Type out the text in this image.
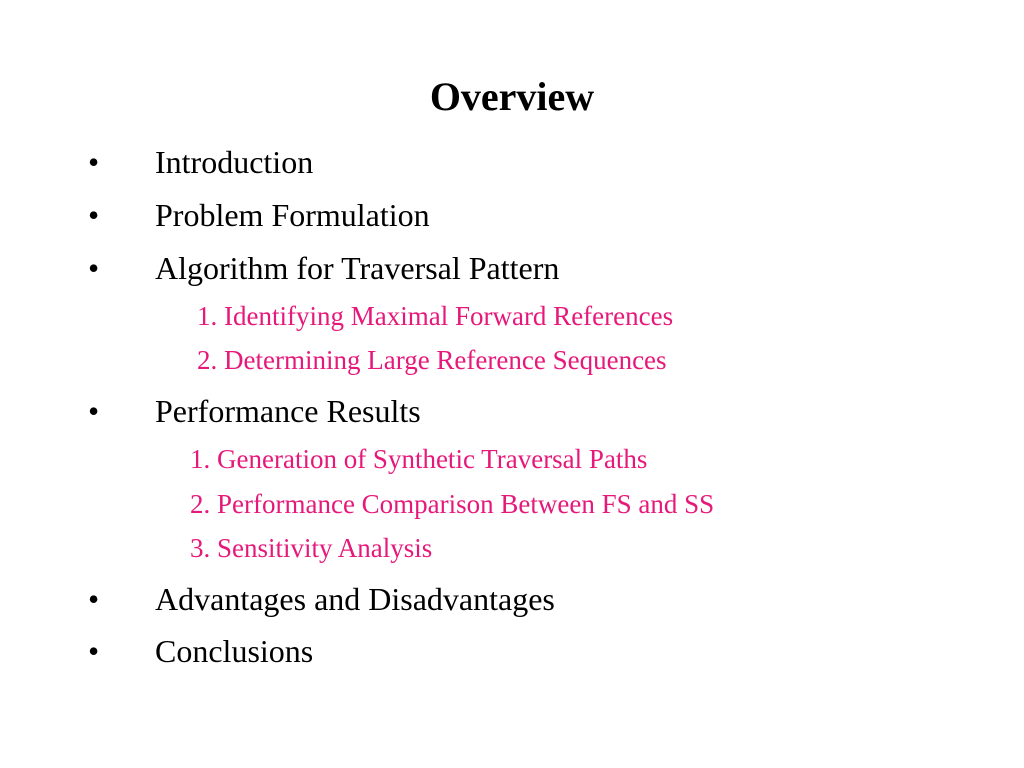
Overview
• Introduction
• Problem Formulation
• Algorithm for Traversal Pattern
1. Identifying Maximal Forward References
2. Determining Large Reference Sequences
• Performance Results
1. Generation of Synthetic Traversal Paths
2. Performance Comparison Between FS and SS
3. Sensitivity Analysis
• Advantages and Disadvantages
• Conclusions
